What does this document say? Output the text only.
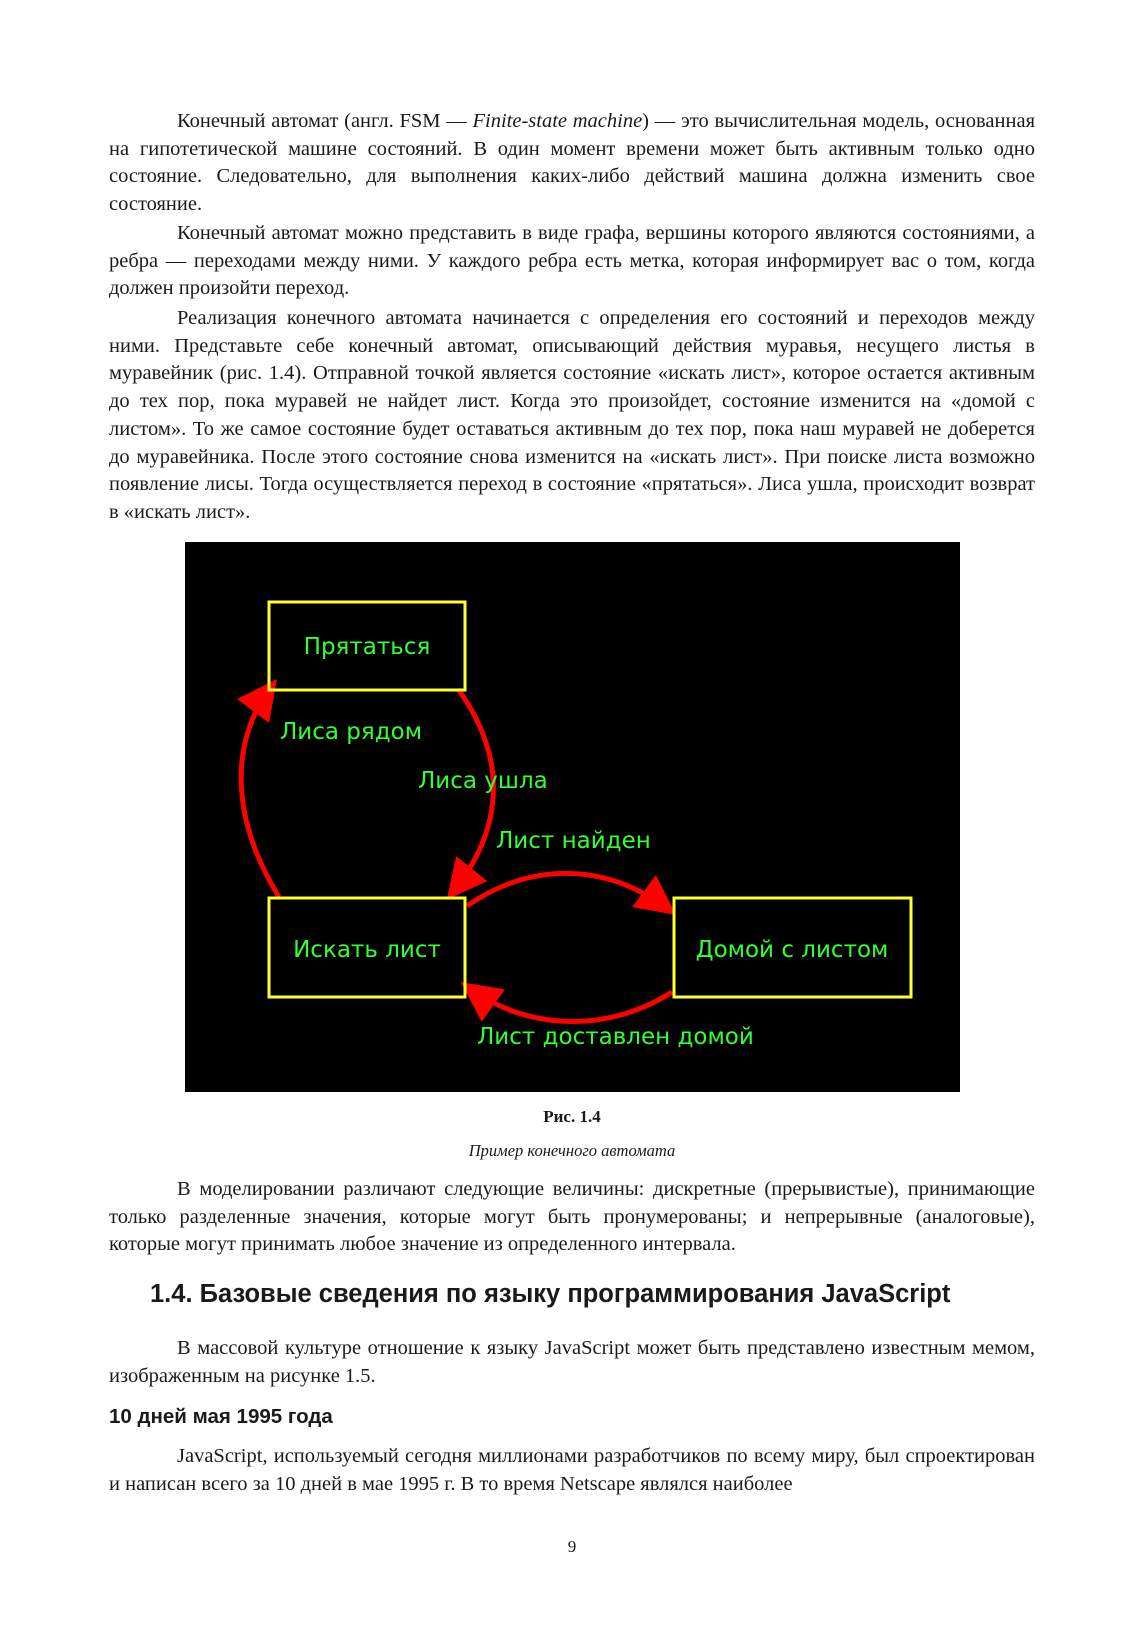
Конечный автомат (англ. FSM — Finite-state machine) — это вычислительная модель, основанная на гипотетической машине состояний. В один момент времени может быть активным только одно состояние. Следовательно, для выполнения каких-либо действий машина должна изменить свое состояние.

Конечный автомат можно представить в виде графа, вершины которого являются состояниями, а ребра — переходами между ними. У каждого ребра есть метка, которая информирует вас о том, когда должен произойти переход.

Реализация конечного автомата начинается с определения его состояний и переходов между ними. Представьте себе конечный автомат, описывающий действия муравья, несущего листья в муравейник (рис. 1.4). Отправной точкой является состояние «искать лист», которое остается активным до тех пор, пока муравей не найдет лист. Когда это произойдет, состояние изменится на «домой с листом». То же самое состояние будет оставаться активным до тех пор, пока наш муравей не доберется до муравейника. После этого состояние снова изменится на «искать лист». При поиске листа возможно появление лисы. Тогда осуществляется переход в состояние «прятаться». Лиса ушла, происходит возврат в «искать лист».

Прятаться
Искать лист	Домой с листом
Лиса рядом
Лиса ушла
Лист найден
Лист доставлен домой

Рис. 1.4

Пример конечного автомата

В моделировании различают следующие величины: дискретные (прерывистые), принимающие только разделенные значения, которые могут быть пронумерованы; и непрерывные (аналоговые), которые могут принимать любое значение из определенного интервала.

1.4. Базовые сведения по языку программирования JavaScript

В массовой культуре отношение к языку JavaScript может быть представлено известным мемом, изображенным на рисунке 1.5.

10 дней мая 1995 года

JavaScript, используемый сегодня миллионами разработчиков по всему миру, был спроектирован и написан всего за 10 дней в мае 1995 г. В то время Netscape являлся наиболее

9
